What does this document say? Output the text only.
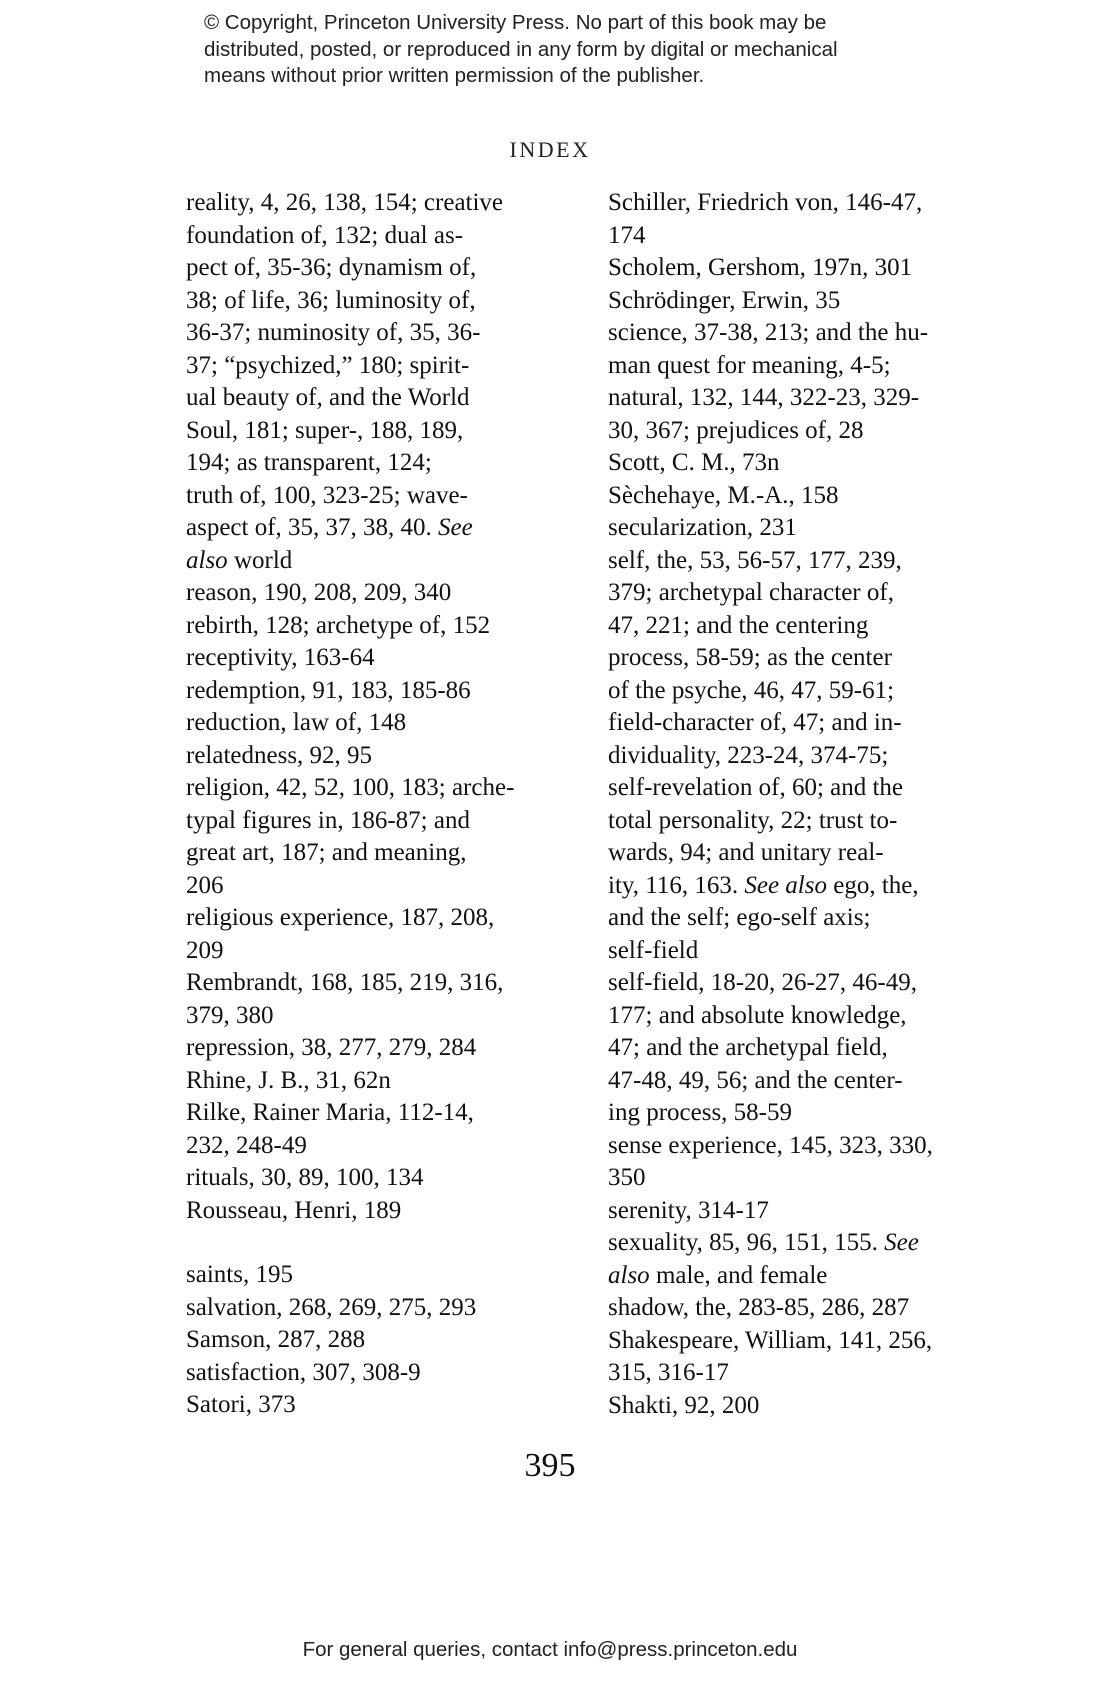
© Copyright, Princeton University Press. No part of this book may be
distributed, posted, or reproduced in any form by digital or mechanical
means without prior written permission of the publisher.
INDEX
reality, 4, 26, 138, 154; creative
foundation of, 132; dual as-
pect of, 35-36; dynamism of,
38; of life, 36; luminosity of,
36-37; numinosity of, 35, 36-
37; “psychized,” 180; spirit-
ual beauty of, and the World
Soul, 181; super-, 188, 189,
194; as transparent, 124;
truth of, 100, 323-25; wave-
aspect of, 35, 37, 38, 40. See
also world
reason, 190, 208, 209, 340
rebirth, 128; archetype of, 152
receptivity, 163-64
redemption, 91, 183, 185-86
reduction, law of, 148
relatedness, 92, 95
religion, 42, 52, 100, 183; arche-
typal figures in, 186-87; and
great art, 187; and meaning,
206
religious experience, 187, 208,
209
Rembrandt, 168, 185, 219, 316,
379, 380
repression, 38, 277, 279, 284
Rhine, J. B., 31, 62n
Rilke, Rainer Maria, 112-14,
232, 248-49
rituals, 30, 89, 100, 134
Rousseau, Henri, 189
saints, 195
salvation, 268, 269, 275, 293
Samson, 287, 288
satisfaction, 307, 308-9
Satori, 373
Schiller, Friedrich von, 146-47,
174
Scholem, Gershom, 197n, 301
Schrödinger, Erwin, 35
science, 37-38, 213; and the hu-
man quest for meaning, 4-5;
natural, 132, 144, 322-23, 329-
30, 367; prejudices of, 28
Scott, C. M., 73n
Sèchehaye, M.-A., 158
secularization, 231
self, the, 53, 56-57, 177, 239,
379; archetypal character of,
47, 221; and the centering
process, 58-59; as the center
of the psyche, 46, 47, 59-61;
field-character of, 47; and in-
dividuality, 223-24, 374-75;
self-revelation of, 60; and the
total personality, 22; trust to-
wards, 94; and unitary real-
ity, 116, 163. See also ego, the,
and the self; ego-self axis;
self-field
self-field, 18-20, 26-27, 46-49,
177; and absolute knowledge,
47; and the archetypal field,
47-48, 49, 56; and the center-
ing process, 58-59
sense experience, 145, 323, 330,
350
serenity, 314-17
sexuality, 85, 96, 151, 155. See
also male, and female
shadow, the, 283-85, 286, 287
Shakespeare, William, 141, 256,
315, 316-17
Shakti, 92, 200
395
For general queries, contact info@press.princeton.edu
